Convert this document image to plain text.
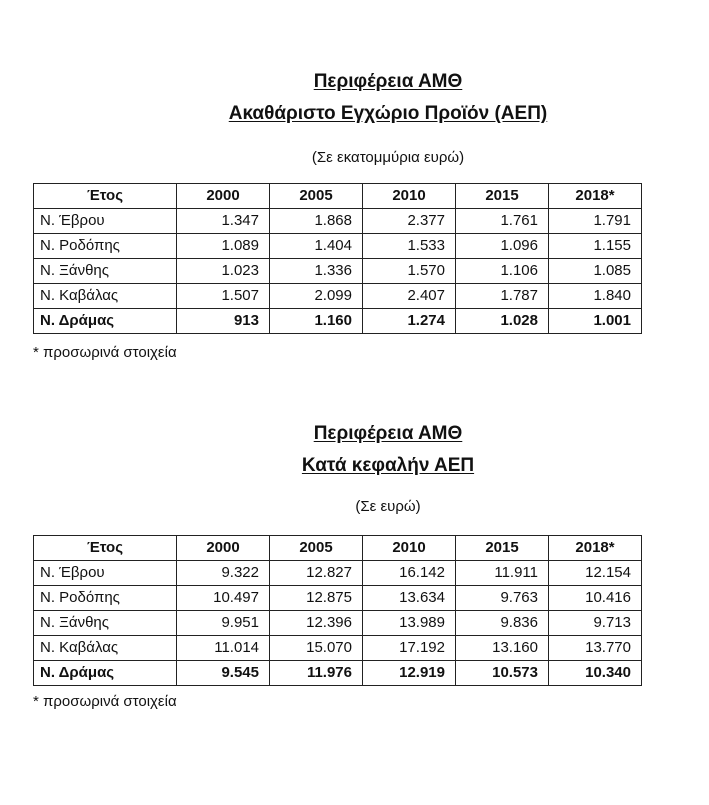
Περιφέρεια ΑΜΘ
Ακαθάριστο Εγχώριο Προϊόν (ΑΕΠ)
(Σε εκατομμύρια ευρώ)
Έτος	2000	2005	2010	2015	2018*
Ν. Έβρου	1.347	1.868	2.377	1.761	1.791
Ν. Ροδόπης	1.089	1.404	1.533	1.096	1.155
Ν. Ξάνθης	1.023	1.336	1.570	1.106	1.085
Ν. Καβάλας	1.507	2.099	2.407	1.787	1.840
Ν. Δράμας	913	1.160	1.274	1.028	1.001
* προσωρινά στοιχεία
Περιφέρεια ΑΜΘ
Κατά κεφαλήν ΑΕΠ
(Σε ευρώ)
Έτος	2000	2005	2010	2015	2018*
Ν. Έβρου	9.322	12.827	16.142	11.911	12.154
Ν. Ροδόπης	10.497	12.875	13.634	9.763	10.416
Ν. Ξάνθης	9.951	12.396	13.989	9.836	9.713
Ν. Καβάλας	11.014	15.070	17.192	13.160	13.770
Ν. Δράμας	9.545	11.976	12.919	10.573	10.340
* προσωρινά στοιχεία
